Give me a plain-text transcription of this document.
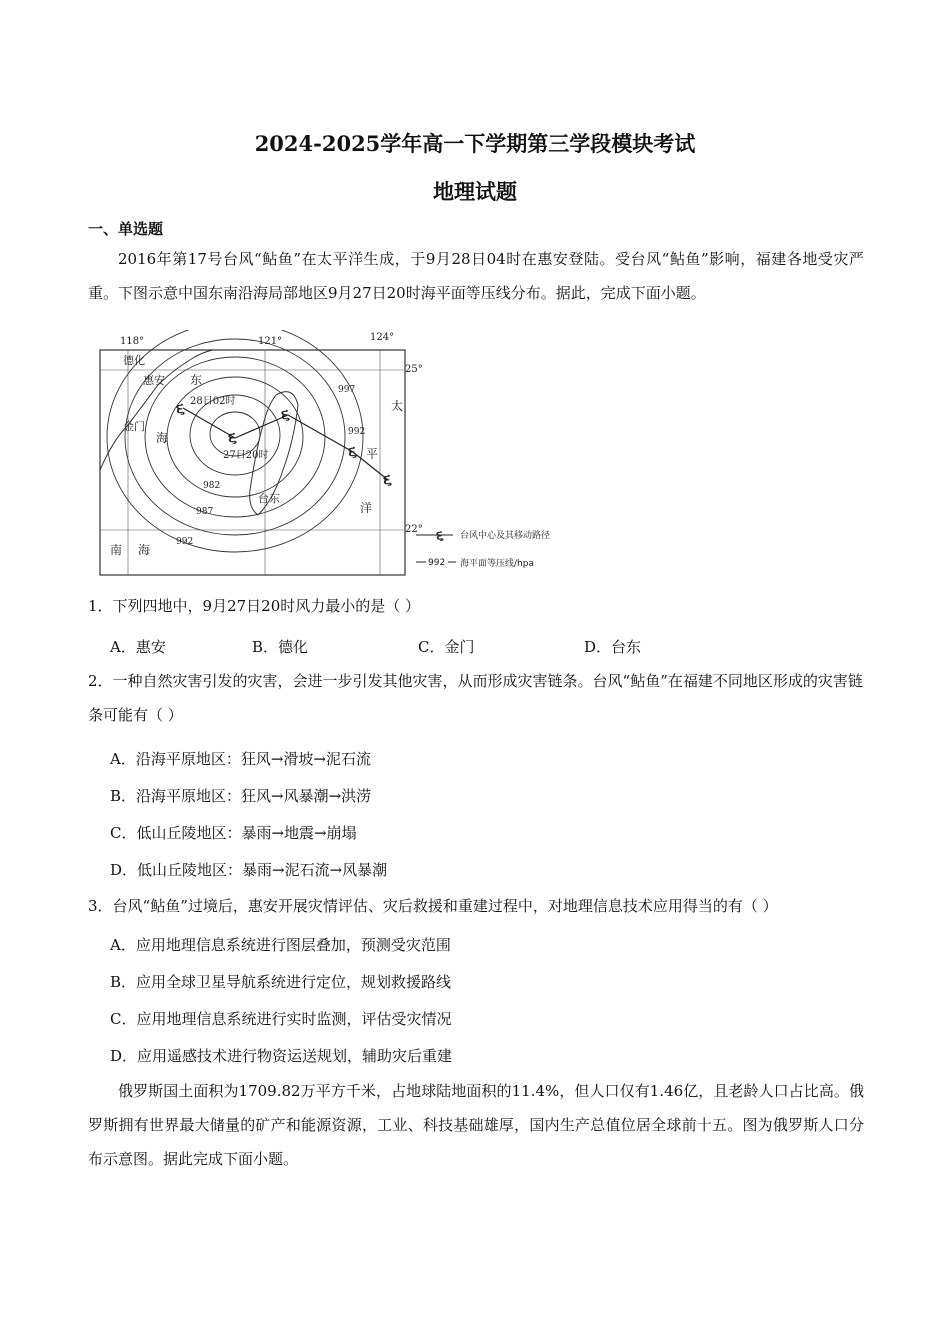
2024-2025学年高一下学期第三学段模块考试
地理试题
一、单选题
2016年第17号台风“鲇鱼”在太平洋生成，于9月28日04时在惠安登陆。受台风“鲇鱼”影响，福建各地受灾严重。下图示意中国东南沿海局部地区9月27日20时海平面等压线分布。据此，完成下面小题。
૬
૬
૬
૬
૬
118°	121°	124°
25°
22°
德化
惠安
金门
台东
东
海
南 海
太
平
洋
28日02时
27日20时
997
992
987
982
992
૬ 台风中心及其移动路径
992 海平面等压线/hpa
1．下列四地中，9月27日20时风力最小的是（ ）
A．惠安	B．德化	C．金门	D．台东
2．一种自然灾害引发的灾害，会进一步引发其他灾害，从而形成灾害链条。台风“鲇鱼”在福建不同地区形成的灾害链条可能有（ ）
A．沿海平原地区：狂风→滑坡→泥石流
B．沿海平原地区：狂风→风暴潮→洪涝
C．低山丘陵地区：暴雨→地震→崩塌
D．低山丘陵地区：暴雨→泥石流→风暴潮
3．台风“鲇鱼”过境后，惠安开展灾情评估、灾后救援和重建过程中，对地理信息技术应用得当的有（ ）
A．应用地理信息系统进行图层叠加，预测受灾范围
B．应用全球卫星导航系统进行定位，规划救援路线
C．应用地理信息系统进行实时监测，评估受灾情况
D．应用遥感技术进行物资运送规划，辅助灾后重建
俄罗斯国土面积为1709.82万平方千米，占地球陆地面积的11.4%，但人口仅有1.46亿，且老龄人口占比高。俄罗斯拥有世界最大储量的矿产和能源资源，工业、科技基础雄厚，国内生产总值位居全球前十五。图为俄罗斯人口分布示意图。据此完成下面小题。
